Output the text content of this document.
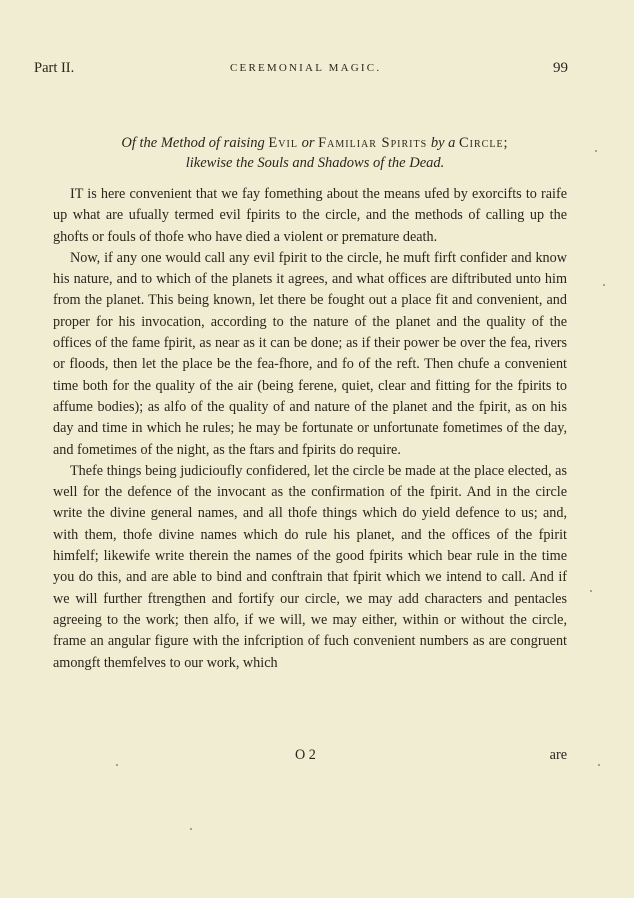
Part II.	CEREMONIAL MAGIC.	99
Of the Method of raising Evil or Familiar Spirits by a Circle;
likewise the Souls and Shadows of the Dead.

IT is here convenient that we fay fomething about the means ufed by exorcifts to raife up what are ufually termed evil fpirits to the circle, and the methods of calling up the ghofts or fouls of thofe who have died a violent or premature death.

Now, if any one would call any evil fpirit to the circle, he muft firft confider and know his nature, and to which of the planets it agrees, and what offices are diftributed unto him from the planet. This being known, let there be fought out a place fit and convenient, and proper for his invocation, according to the nature of the planet and the quality of the offices of the fame fpirit, as near as it can be done; as if their power be over the fea, rivers or floods, then let the place be the fea-fhore, and fo of the reft. Then chufe a convenient time both for the quality of the air (being ferene, quiet, clear and fitting for the fpirits to affume bodies); as alfo of the quality of and nature of the planet and the fpirit, as on his day and time in which he rules; he may be fortunate or unfortunate fometimes of the day, and fometimes of the night, as the ftars and fpirits do require.

Thefe things being judicioufly confidered, let the circle be made at the place elected, as well for the defence of the invocant as the confirmation of the fpirit. And in the circle write the divine general names, and all thofe things which do yield defence to us; and, with them, thofe divine names which do rule his planet, and the offices of the fpirit himfelf; likewife write therein the names of the good fpirits which bear rule in the time you do this, and are able to bind and conftrain that fpirit which we intend to call. And if we will further ftrengthen and fortify our circle, we may add characters and pentacles agreeing to the work; then alfo, if we will, we may either, within or without the circle, frame an angular figure with the infcription of fuch convenient numbers as are congruent amongft themfelves to our work, which

O 2	are
